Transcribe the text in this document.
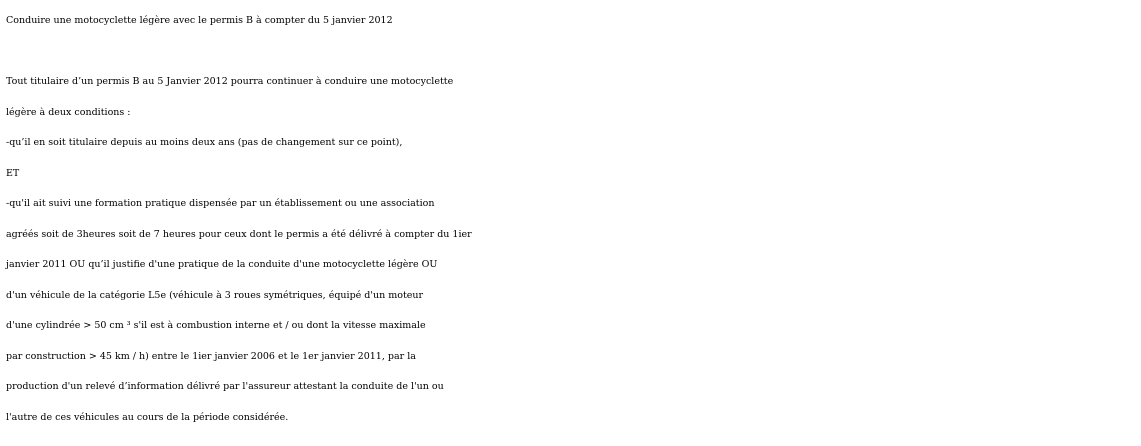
Conduire une motocyclette légère avec le permis B à compter du 5 janvier 2012
Tout titulaire d’un permis B au 5 Janvier 2012 pourra continuer à conduire une motocyclette
légère à deux conditions :
-qu’il en soit titulaire depuis au moins deux ans (pas de changement sur ce point),
ET
-qu'il ait suivi une formation pratique dispensée par un établissement ou une association
agréés soit de 3heures soit de 7 heures pour ceux dont le permis a été délivré à compter du 1ier
janvier 2011 OU qu’il justifie d'une pratique de la conduite d'une motocyclette légère OU
d'un véhicule de la catégorie L5e (véhicule à 3 roues symétriques, équipé d'un moteur
d'une cylindrée > 50 cm ³ s'il est à combustion interne et / ou dont la vitesse maximale
par construction > 45 km / h) entre le 1ier janvier 2006 et le 1er janvier 2011, par la
production d'un relevé d’information délivré par l'assureur attestant la conduite de l'un ou
l'autre de ces véhicules au cours de la période considérée.
